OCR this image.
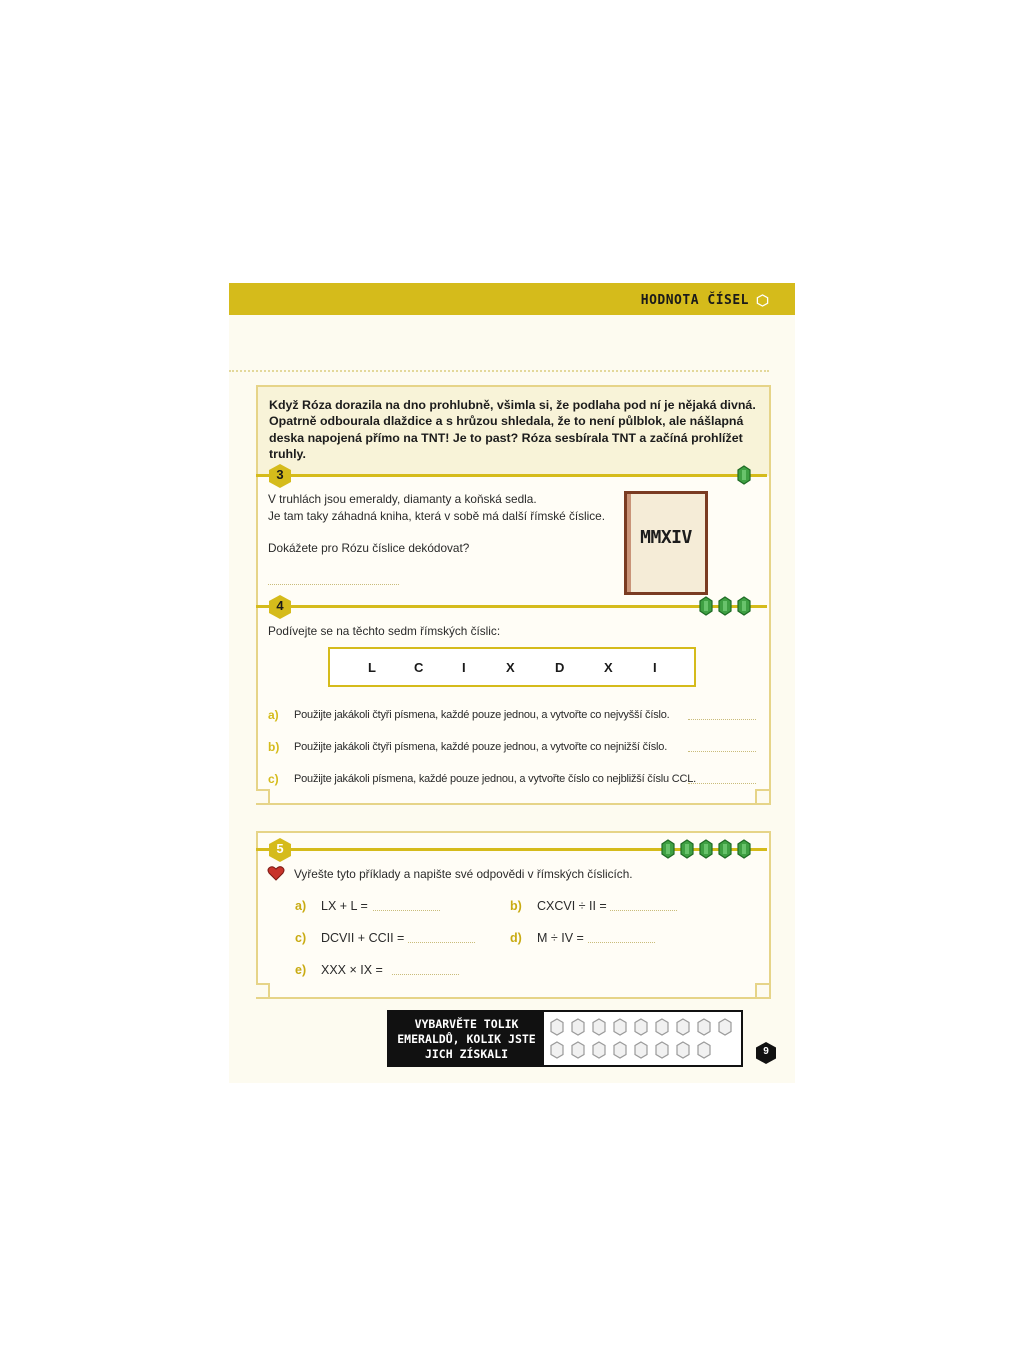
HODNOTA ČÍSEL
Když Róza dorazila na dno prohlubně, všimla si, že podlaha pod ní je nějaká divná. Opatrně odbourala dlaždice a s hrůzou shledala, že to není půlblok, ale nášlapná deska napojená přímo na TNT! Je to past? Róza sesbírala TNT a začíná prohlížet truhly.
3
V truhlách jsou emeraldy, diamanty a koňská sedla.
Je tam taky záhadná kniha, která v sobě má další římské číslice.
Dokážete pro Rózu číslice dekódovat?	MMXIV
4
Podívejte se na těchto sedm římských číslic:
L	C	I	X	D	X	I
a) Použijte jakákoli čtyři písmena, každé pouze jednou, a vytvořte co nejvyšší číslo.
b) Použijte jakákoli čtyři písmena, každé pouze jednou, a vytvořte co nejnižší číslo.
c) Použijte jakákoli písmena, každé pouze jednou, a vytvořte číslo co nejbližší číslu CCL.
5
Vyřešte tyto příklady a napište své odpovědi v římských číslicích.
a) LX + L =	b) CXCVI ÷ II =
c) DCVII + CCII =	d) M ÷ IV =
e) XXX × IX =
VYBARVĚTE TOLIK
EMERALDŮ, KOLIK JSTE
JICH ZÍSKALI	9
